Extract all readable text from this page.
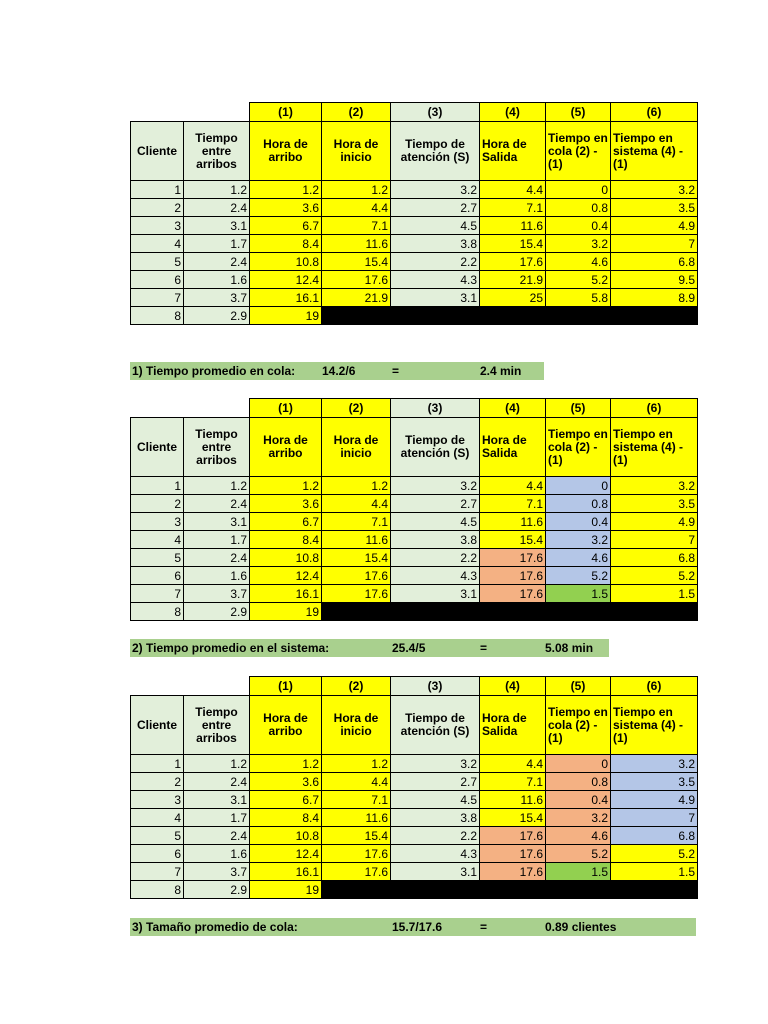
		(1)	(2)	(3)	(4)	(5)	(6)
Cliente	Tiempo entre arribos	Hora de arribo	Hora de inicio	Tiempo de atención (S)	Hora de Salida	Tiempo en cola (2) - (1)	Tiempo en sistema (4) - (1)
1	1.2	1.2	1.2	3.2	4.4	0	3.2
2	2.4	3.6	4.4	2.7	7.1	0.8	3.5
3	3.1	6.7	7.1	4.5	11.6	0.4	4.9
4	1.7	8.4	11.6	3.8	15.4	3.2	7
5	2.4	10.8	15.4	2.2	17.6	4.6	6.8
6	1.6	12.4	17.6	4.3	21.9	5.2	9.5
7	3.7	16.1	21.9	3.1	25	5.8	8.9
8	2.9	19					
1) Tiempo promedio en cola: 14.2/6	=	2.4 min
		(1)	(2)	(3)	(4)	(5)	(6)
Cliente	Tiempo entre arribos	Hora de arribo	Hora de inicio	Tiempo de atención (S)	Hora de Salida	Tiempo en cola (2) - (1)	Tiempo en sistema (4) - (1)
1	1.2	1.2	1.2	3.2	4.4	0	3.2
2	2.4	3.6	4.4	2.7	7.1	0.8	3.5
3	3.1	6.7	7.1	4.5	11.6	0.4	4.9
4	1.7	8.4	11.6	3.8	15.4	3.2	7
5	2.4	10.8	15.4	2.2	17.6	4.6	6.8
6	1.6	12.4	17.6	4.3	17.6	5.2	5.2
7	3.7	16.1	17.6	3.1	17.6	1.5	1.5
8	2.9	19					
2) Tiempo promedio en el sistema:	25.4/5	=	5.08 min
		(1)	(2)	(3)	(4)	(5)	(6)
Cliente	Tiempo entre arribos	Hora de arribo	Hora de inicio	Tiempo de atención (S)	Hora de Salida	Tiempo en cola (2) - (1)	Tiempo en sistema (4) - (1)
1	1.2	1.2	1.2	3.2	4.4	0	3.2
2	2.4	3.6	4.4	2.7	7.1	0.8	3.5
3	3.1	6.7	7.1	4.5	11.6	0.4	4.9
4	1.7	8.4	11.6	3.8	15.4	3.2	7
5	2.4	10.8	15.4	2.2	17.6	4.6	6.8
6	1.6	12.4	17.6	4.3	17.6	5.2	5.2
7	3.7	16.1	17.6	3.1	17.6	1.5	1.5
8	2.9	19					
3) Tamaño promedio de cola:	15.7/17.6	=	0.89 clientes
